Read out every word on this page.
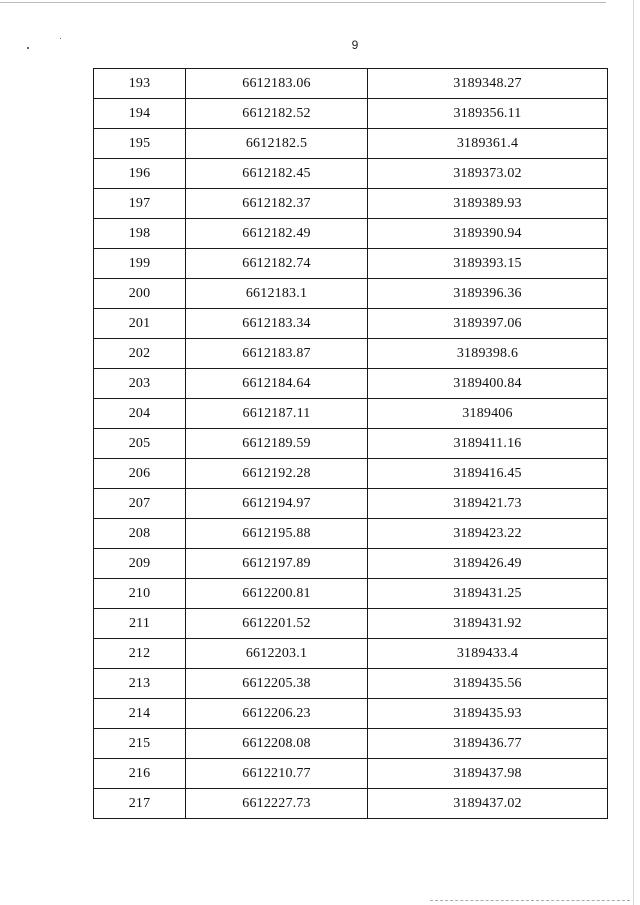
9
193	6612183.06	3189348.27
194	6612182.52	3189356.11
195	6612182.5	3189361.4
196	6612182.45	3189373.02
197	6612182.37	3189389.93
198	6612182.49	3189390.94
199	6612182.74	3189393.15
200	6612183.1	3189396.36
201	6612183.34	3189397.06
202	6612183.87	3189398.6
203	6612184.64	3189400.84
204	6612187.11	3189406
205	6612189.59	3189411.16
206	6612192.28	3189416.45
207	6612194.97	3189421.73
208	6612195.88	3189423.22
209	6612197.89	3189426.49
210	6612200.81	3189431.25
211	6612201.52	3189431.92
212	6612203.1	3189433.4
213	6612205.38	3189435.56
214	6612206.23	3189435.93
215	6612208.08	3189436.77
216	6612210.77	3189437.98
217	6612227.73	3189437.02
